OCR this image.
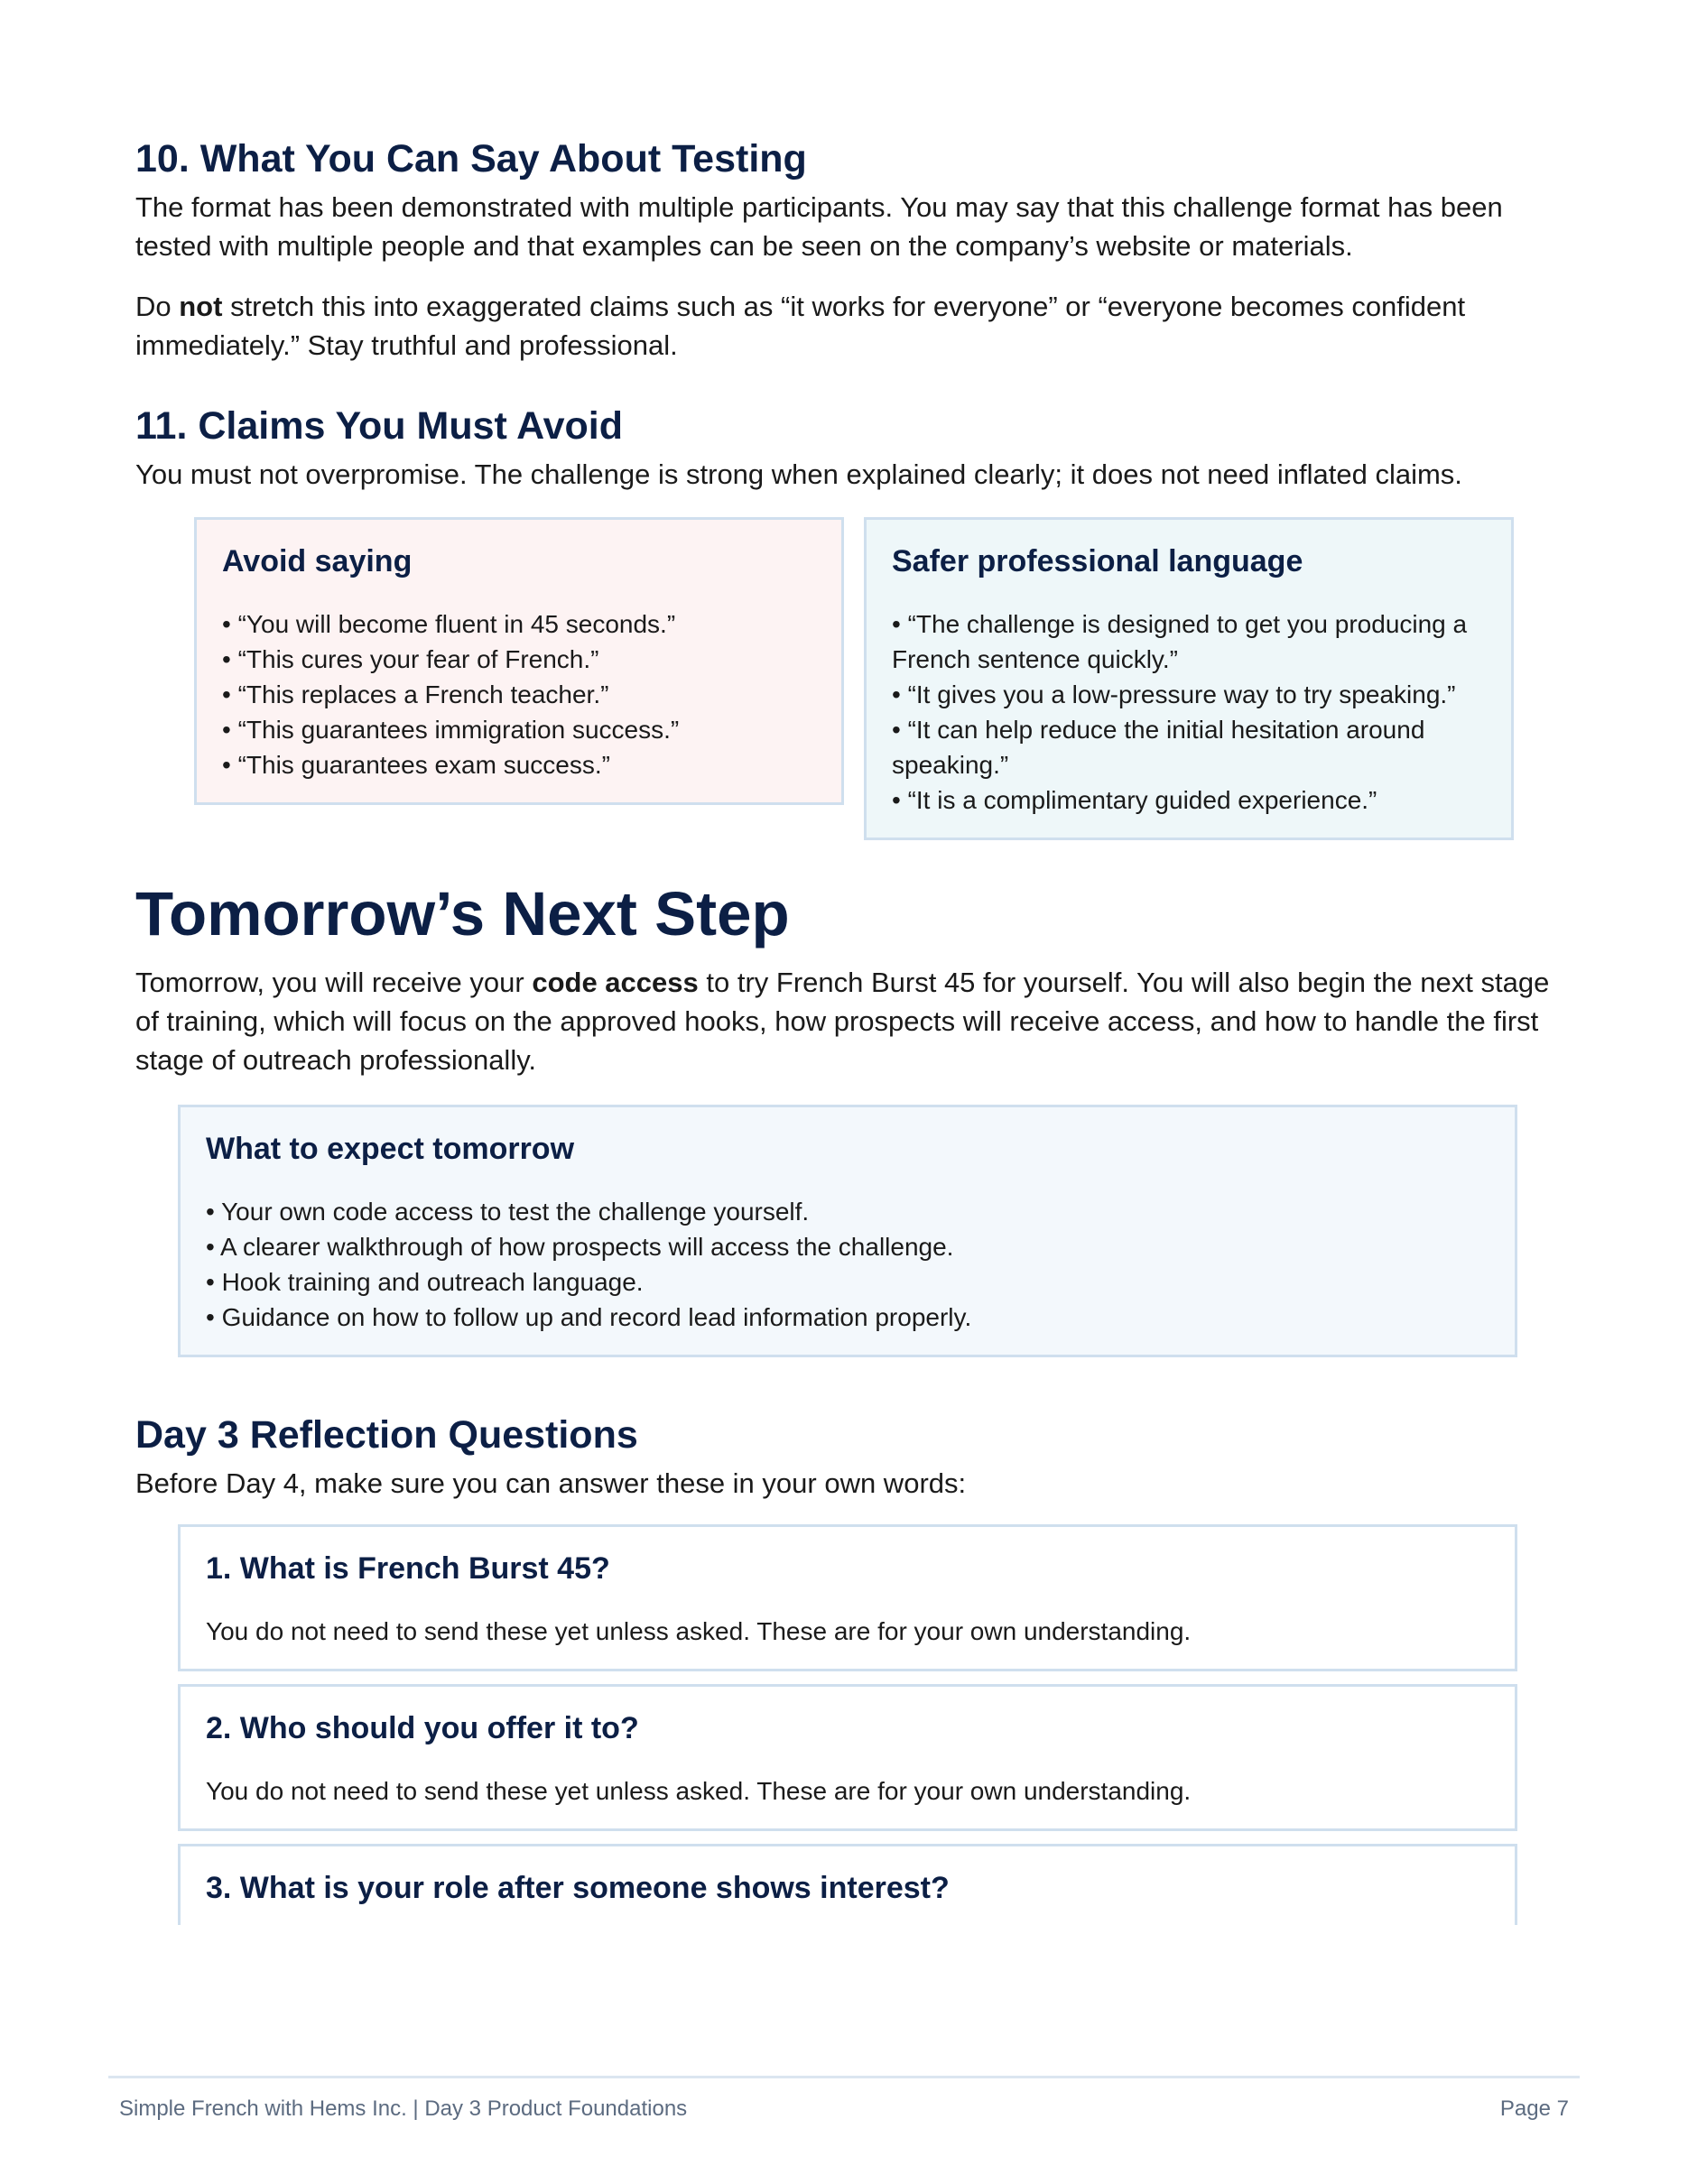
10. What You Can Say About Testing

The format has been demonstrated with multiple participants. You may say that this challenge format has been tested with multiple people and that examples can be seen on the company’s website or materials.

Do not stretch this into exaggerated claims such as “it works for everyone” or “everyone becomes confident immediately.” Stay truthful and professional.

11. Claims You Must Avoid

You must not overpromise. The challenge is strong when explained clearly; it does not need inflated claims.

Avoid saying
• “You will become fluent in 45 seconds.”
• “This cures your fear of French.”
• “This replaces a French teacher.”
• “This guarantees immigration success.”
• “This guarantees exam success.”
Safer professional language
• “The challenge is designed to get you producing a French sentence quickly.”
• “It gives you a low-pressure way to try speaking.”
• “It can help reduce the initial hesitation around speaking.”
• “It is a complimentary guided experience.”
Tomorrow’s Next Step

Tomorrow, you will receive your code access to try French Burst 45 for yourself. You will also begin the next stage of training, which will focus on the approved hooks, how prospects will receive access, and how to handle the first stage of outreach professionally.

What to expect tomorrow
• Your own code access to test the challenge yourself.
• A clearer walkthrough of how prospects will access the challenge.
• Hook training and outreach language.
• Guidance on how to follow up and record lead information properly.
Day 3 Reflection Questions

Before Day 4, make sure you can answer these in your own words:

1. What is French Burst 45?
You do not need to send these yet unless asked. These are for your own understanding.
2. Who should you offer it to?
You do not need to send these yet unless asked. These are for your own understanding.
3. What is your role after someone shows interest?
Simple French with Hems Inc. | Day 3 Product Foundations	Page 7
